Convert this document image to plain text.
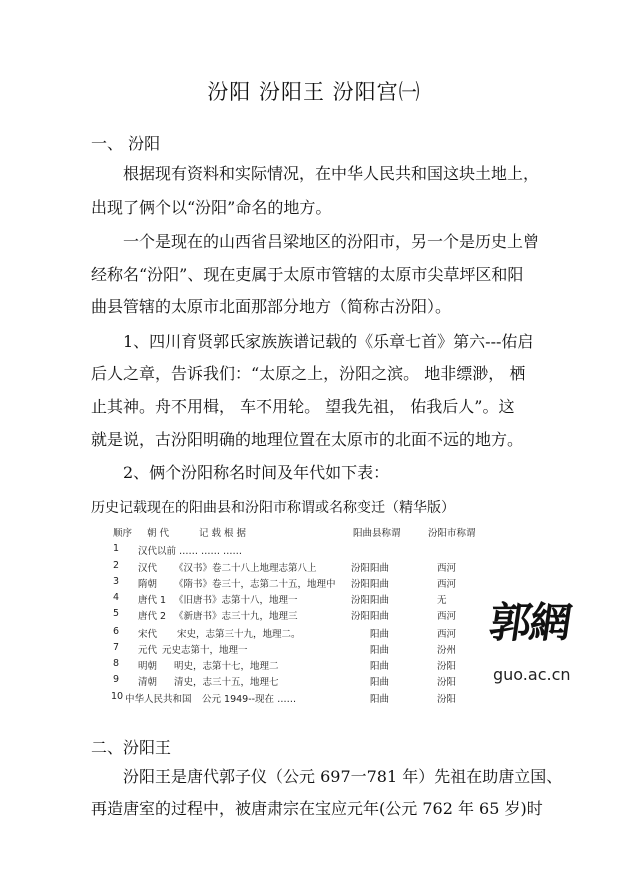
汾阳 汾阳王 汾阳宫㈠
一、 汾阳
根据现有资料和实际情况，在中华人民共和国这块土地上，
出现了俩个以“汾阳”命名的地方。
一个是现在的山西省吕梁地区的汾阳市，另一个是历史上曾
经称名“汾阳”、现在吏属于太原市管辖的太原市尖草坪区和阳
曲县管辖的太原市北面那部分地方（简称古汾阳）。
1、四川育贤郭氏家族族谱记载的《乐章七首》第六---佑启
后人之章，告诉我们：“太原之上，汾阳之滨。 地非缥渺， 栖
止其神。舟不用楫， 车不用轮。 望我先祖， 佑我后人”。这
就是说，古汾阳明确的地理位置在太原市的北面不远的地方。
2、俩个汾阳称名时间及年代如下表：
历史记载现在的阳曲县和汾阳市称谓或名称变迁（精华版）
顺序 朝 代	记 载 根 据	阳曲县称谓	汾阳市称谓
1 汉代以前 …… …… ……
2 汉代 《汉书》卷二十八上地理志第八上	汾阳阳曲	西河
3 隋朝 《隋书》卷三十，志第二十五，地理中 汾阳阳曲	西河
4 唐代 1 《旧唐书》志第十八，地理一	汾阳阳曲	无
5 唐代 2 《新唐书》志三十九，地理三	汾阳阳曲	西河
6 宋代 宋史，志第三十九，地理二。	阳曲	西河
7 元代 元史志第十，地理一	阳曲	汾州
8 明朝 明史，志第十七，地理二	阳曲	汾阳
9 清朝 清史，志三十五，地理七	阳曲	汾阳
10 中华人民共和国 公元 1949--现在 ……	阳曲	汾阳
郭網
guo.ac.cn
二、汾阳王
汾阳王是唐代郭子仪（公元 697一781 年）先祖在助唐立国、
再造唐室的过程中，被唐肃宗在宝应元年(公元 762 年 65 岁)时
